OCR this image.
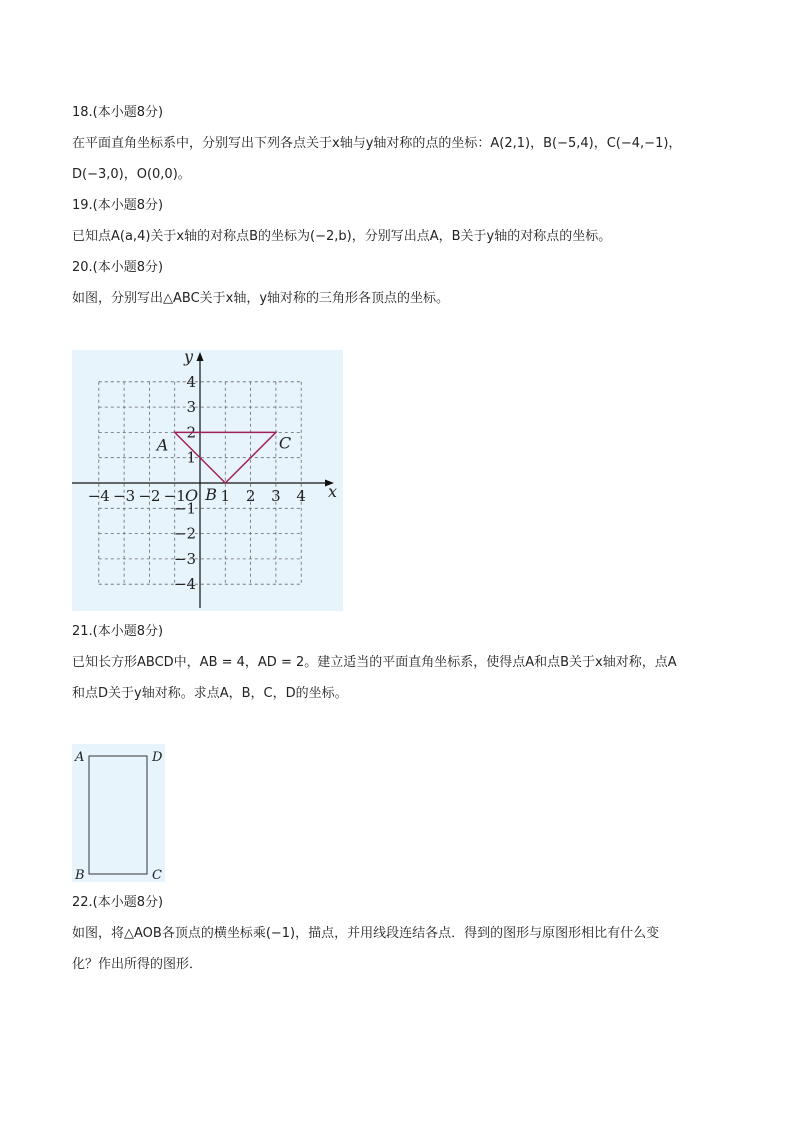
18.(本小题8分)
在平面直角坐标系中，分别写出下列各点关于x轴与y轴对称的点的坐标：A(2,1)，B(−5,4)，C(−4,−1)，
D(−3,0)，O(0,0)。
19.(本小题8分)
已知点A(a,4)关于x轴的对称点B的坐标为(−2,b)，分别写出点A，B关于y轴的对称点的坐标。
20.(本小题8分)
如图，分别写出△ABC关于x轴，y轴对称的三角形各顶点的坐标。
−4 −3 −2 −1 1 2 3 4
4
3
2
1
−1
−2
−3
−4
A
B
C
O	x
y
21.(本小题8分)
已知长方形ABCD中，AB = 4，AD = 2。建立适当的平面直角坐标系，使得点A和点B关于x轴对称，点A
和点D关于y轴对称。求点A，B，C，D的坐标。
A	D
B	C
22.(本小题8分)
如图，将△AOB各顶点的横坐标乘(−1)，描点，并用线段连结各点．得到的图形与原图形相比有什么变
化？作出所得的图形．
